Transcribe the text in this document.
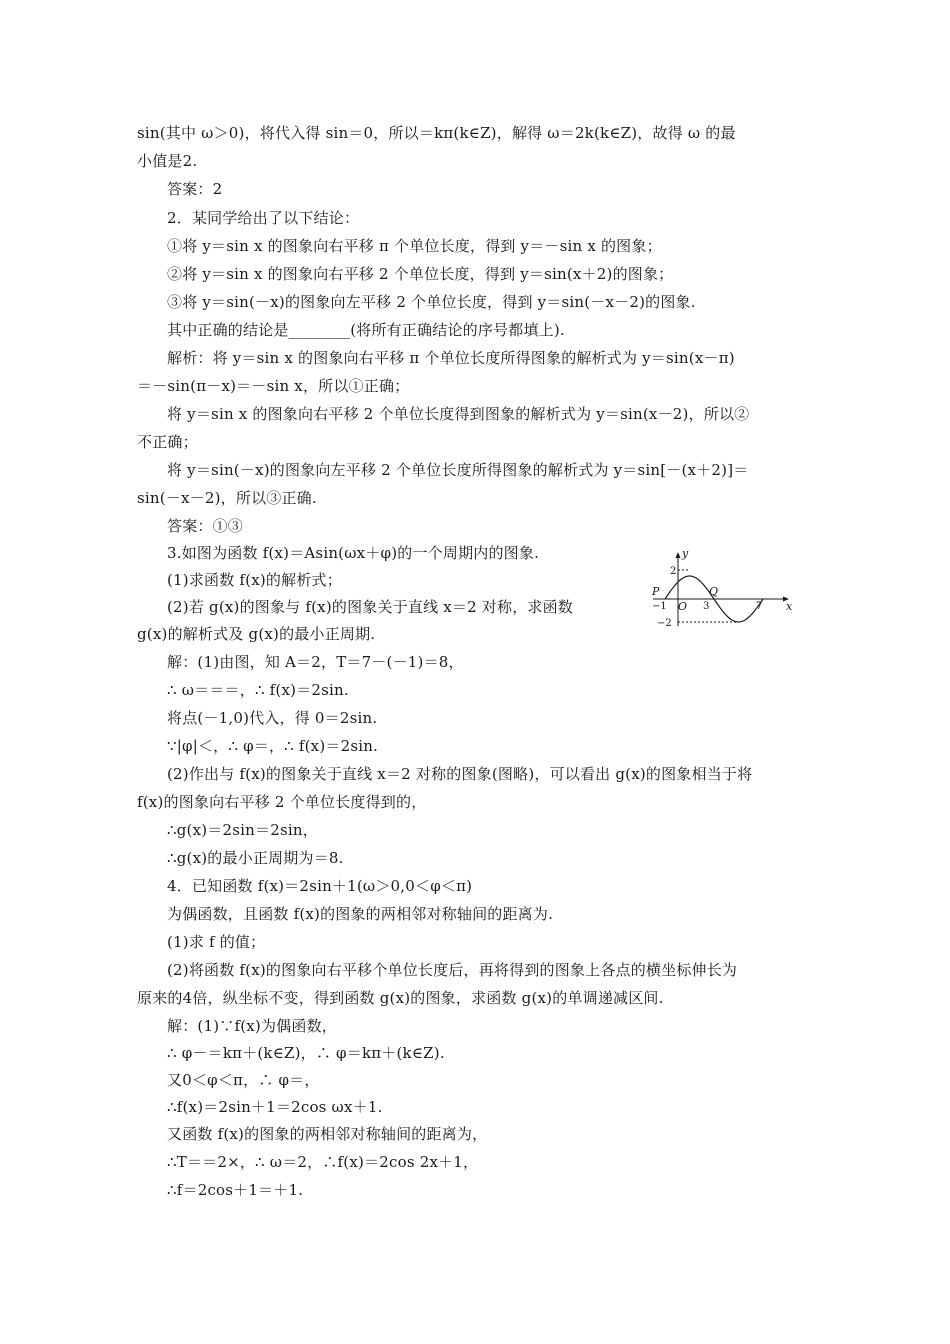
sin(其中 ω＞0)，将代入得 sin＝0，所以＝kπ(k∈Z)，解得 ω＝2k(k∈Z)，故得 ω 的最
小值是2.
答案：2
2．某同学给出了以下结论：
①将 y＝sin x 的图象向右平移 π 个单位长度，得到 y＝－sin x 的图象；
②将 y＝sin x 的图象向右平移 2 个单位长度，得到 y＝sin(x＋2)的图象；
③将 y＝sin(－x)的图象向左平移 2 个单位长度，得到 y＝sin(－x－2)的图象.
其中正确的结论是________(将所有正确结论的序号都填上).
解析：将 y＝sin x 的图象向右平移 π 个单位长度所得图象的解析式为 y＝sin(x－π)
＝－sin(π－x)＝－sin x，所以①正确；
将 y＝sin x 的图象向右平移 2 个单位长度得到图象的解析式为 y＝sin(x－2)，所以②
不正确；
将 y＝sin(－x)的图象向左平移 2 个单位长度所得图象的解析式为 y＝sin[－(x＋2)]＝
sin(－x－2)，所以③正确.
答案：①③
3.如图为函数 f(x)＝Asin(ωx＋φ)的一个周期内的图象.
(1)求函数 f(x)的解析式；
(2)若 g(x)的图象与 f(x)的图象关于直线 x＝2 对称，求函数
g(x)的解析式及 g(x)的最小正周期.
解：(1)由图，知 A＝2，T＝7－(－1)＝8，
∴ ω＝＝＝，∴ f(x)＝2sin.
将点(－1,0)代入，得 0＝2sin.
∵|φ|＜，∴ φ＝，∴ f(x)＝2sin.
(2)作出与 f(x)的图象关于直线 x＝2 对称的图象(图略)，可以看出 g(x)的图象相当于将
f(x)的图象向右平移 2 个单位长度得到的，
∴g(x)＝2sin＝2sin，
∴g(x)的最小正周期为＝8.
4．已知函数 f(x)＝2sin＋1(ω＞0,0＜φ＜π)
为偶函数，且函数 f(x)的图象的两相邻对称轴间的距离为.
(1)求 f 的值；
(2)将函数 f(x)的图象向右平移个单位长度后，再将得到的图象上各点的横坐标伸长为
原来的4倍，纵坐标不变，得到函数 g(x)的图象，求函数 g(x)的单调递减区间.
解：(1)∵f(x)为偶函数，
∴ φ－＝kπ＋(k∈Z)，∴ φ＝kπ＋(k∈Z).
又0＜φ＜π，∴ φ＝，
∴f(x)＝2sin＋1＝2cos ωx＋1.
又函数 f(x)的图象的两相邻对称轴间的距离为，
∴T＝＝2×，∴ ω＝2，∴f(x)＝2cos 2x＋1，
∴f＝2cos＋1＝＋1.
y
x
P	Q
O
2
−2
−1	3	7
